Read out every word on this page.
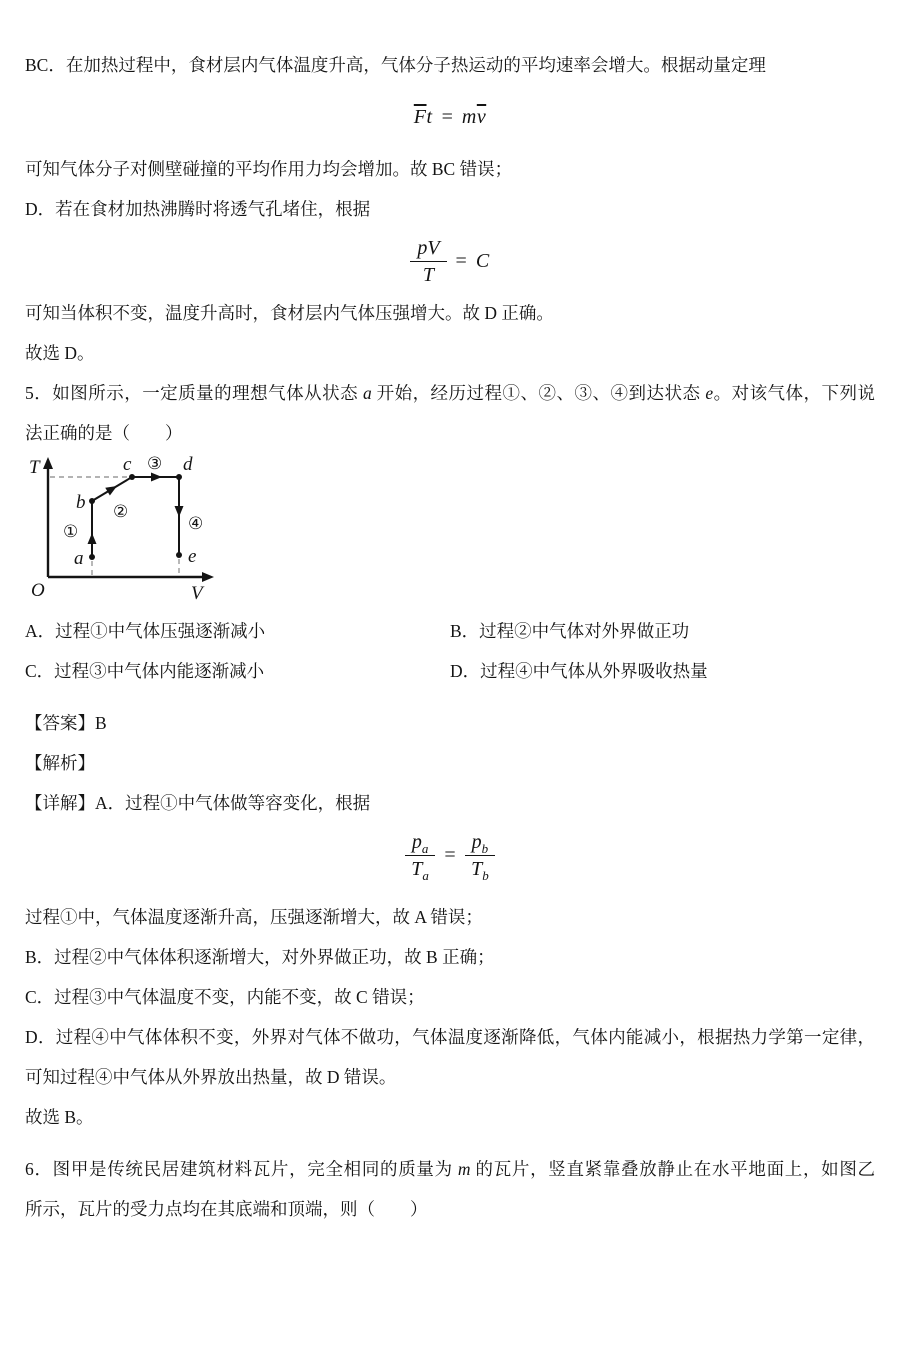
BC．在加热过程中，食材层内气体温度升高，气体分子热运动的平均速率会增大。根据动量定理

$\overline{F}$ t = m $\overline{v}$

可知气体分子对侧壁碰撞的平均作用力均会增加。故 BC 错误；

D．若在食材加热沸腾时将透气孔堵住，根据

$\frac{pV}{T} = C$

可知当体积不变，温度升高时，食材层内气体压强增大。故 D 正确。

故选 D。

5．如图所示，一定质量的理想气体从状态 a 开始，经历过程①、②、③、④到达状态 e。对该气体，下列说

法正确的是（　　）

T
V
O
a
b
c	d
e
①
②
③
④
A．过程①中气体压强逐渐减小	B．过程②中气体对外界做正功
C．过程③中气体内能逐渐减小	D．过程④中气体从外界吸收热量

【答案】B

【解析】

【详解】A．过程①中气体做等容变化，根据

$\frac{p_a}{T_a} = \frac{p_b}{T_b}$

过程①中，气体温度逐渐升高，压强逐渐增大，故 A 错误；

B．过程②中气体体积逐渐增大，对外界做正功，故 B 正确；

C．过程③中气体温度不变，内能不变，故 C 错误；

D．过程④中气体体积不变，外界对气体不做功，气体温度逐渐降低，气体内能减小，根据热力学第一定律，

可知过程④中气体从外界放出热量，故 D 错误。

故选 B。

6．图甲是传统民居建筑材料瓦片，完全相同的质量为 m 的瓦片，竖直紧靠叠放静止在水平地面上，如图乙

所示，瓦片的受力点均在其底端和顶端，则（　　）
